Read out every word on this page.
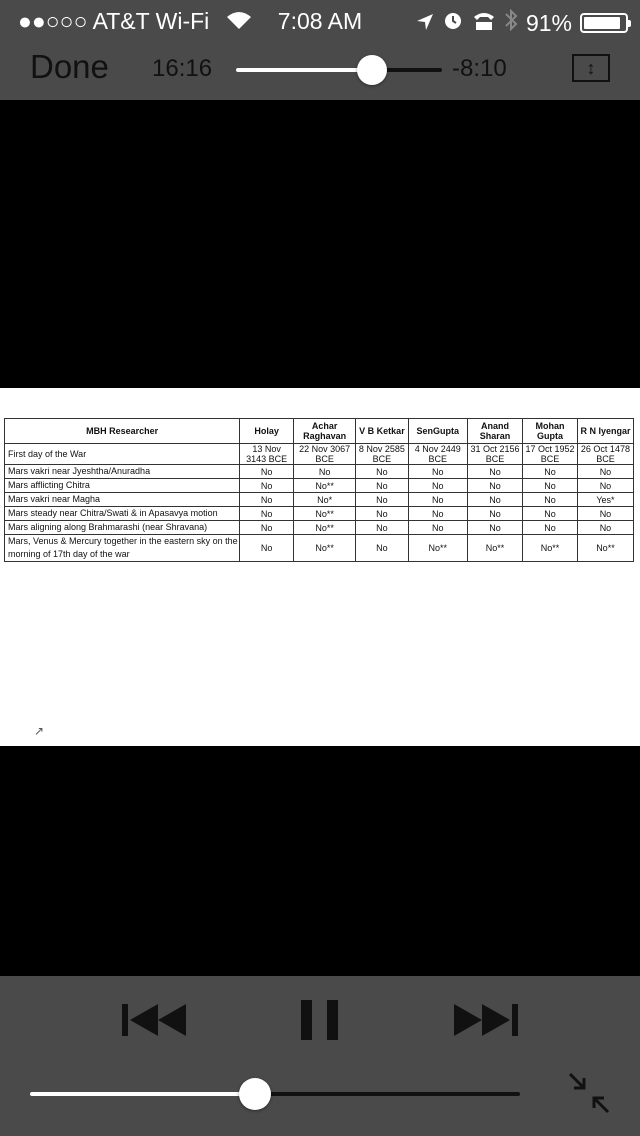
●●○○○ AT&T Wi-Fi	7:08 AM	91%
Done 16:16	-8:10	↕
MBH Researcher	Holay	Achar Raghavan	V B Ketkar	SenGupta	Anand Sharan	Mohan Gupta	R N Iyengar
First day of the War	13 Nov 3143 BCE	22 Nov 3067 BCE	8 Nov 2585 BCE	4 Nov 2449 BCE	31 Oct 2156 BCE	17 Oct 1952 BCE	26 Oct 1478 BCE
Mars vakri near Jyeshtha/Anuradha	No	No	No	No	No	No	No
Mars afflicting Chitra	No	No**	No	No	No	No	No
Mars vakri near Magha	No	No*	No	No	No	No	Yes*
Mars steady near Chitra/Swati & in Apasavya motion	No	No**	No	No	No	No	No
Mars aligning along Brahmarashi (near Shravana)	No	No**	No	No	No	No	No
Mars, Venus & Mercury together in the eastern sky on the morning of 17th day of the war	No	No**	No	No**	No**	No**	No**
↗
